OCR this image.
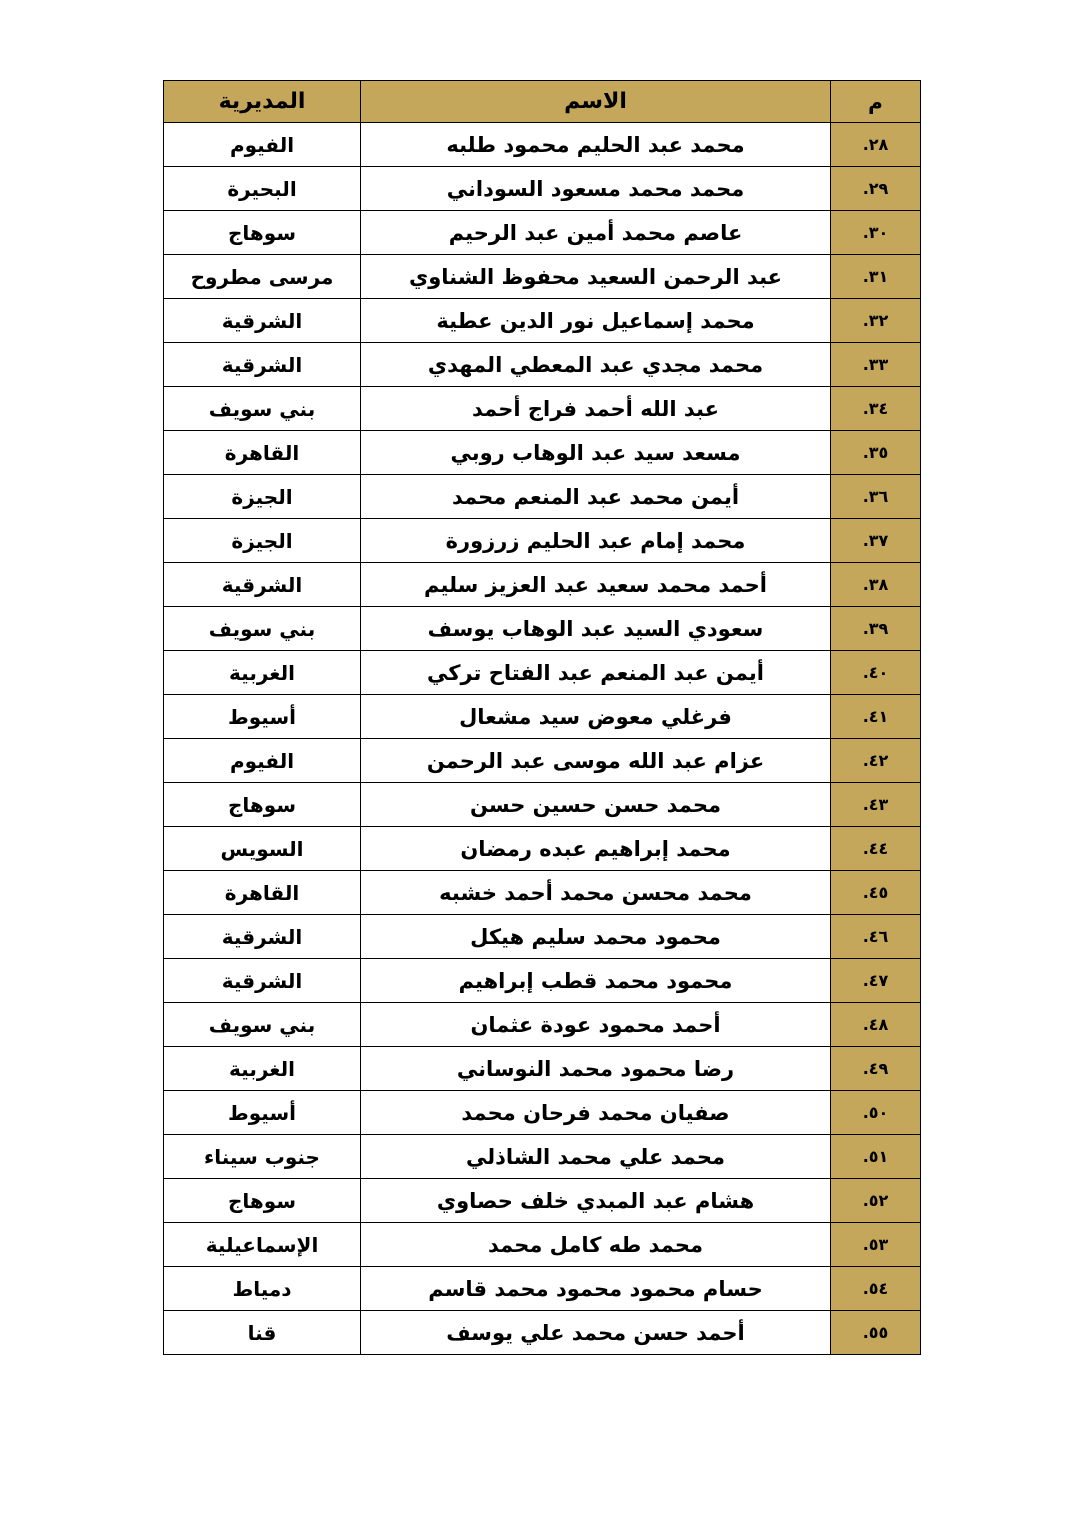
م	الاسم	المديرية
٢٨.	محمد عبد الحليم محمود طلبه	الفيوم
٢٩.	محمد محمد مسعود السوداني	البحيرة
٣٠.	عاصم محمد أمين عبد الرحيم	سوهاج
٣١.	عبد الرحمن السعيد محفوظ الشناوي	مرسى مطروح
٣٢.	محمد إسماعيل نور الدين عطية	الشرقية
٣٣.	محمد مجدي عبد المعطي المهدي	الشرقية
٣٤.	عبد الله أحمد فراج أحمد	بني سويف
٣٥.	مسعد سيد عبد الوهاب روبي	القاهرة
٣٦.	أيمن محمد عبد المنعم محمد	الجيزة
٣٧.	محمد إمام عبد الحليم زرزورة	الجيزة
٣٨.	أحمد محمد سعيد عبد العزيز سليم	الشرقية
٣٩.	سعودي السيد عبد الوهاب يوسف	بني سويف
٤٠.	أيمن عبد المنعم عبد الفتاح تركي	الغربية
٤١.	فرغلي معوض سيد مشعال	أسيوط
٤٢.	عزام عبد الله موسى عبد الرحمن	الفيوم
٤٣.	محمد حسن حسين حسن	سوهاج
٤٤.	محمد إبراهيم عبده رمضان	السويس
٤٥.	محمد محسن محمد أحمد خشبه	القاهرة
٤٦.	محمود محمد سليم هيكل	الشرقية
٤٧.	محمود محمد قطب إبراهيم	الشرقية
٤٨.	أحمد محمود عودة عثمان	بني سويف
٤٩.	رضا محمود محمد النوساني	الغربية
٥٠.	صفيان محمد فرحان محمد	أسيوط
٥١.	محمد علي محمد الشاذلي	جنوب سيناء
٥٢.	هشام عبد المبدي خلف حصاوي	سوهاج
٥٣.	محمد طه كامل محمد	الإسماعيلية
٥٤.	حسام محمود محمود محمد قاسم	دمياط
٥٥.	أحمد حسن محمد علي يوسف	قنا
